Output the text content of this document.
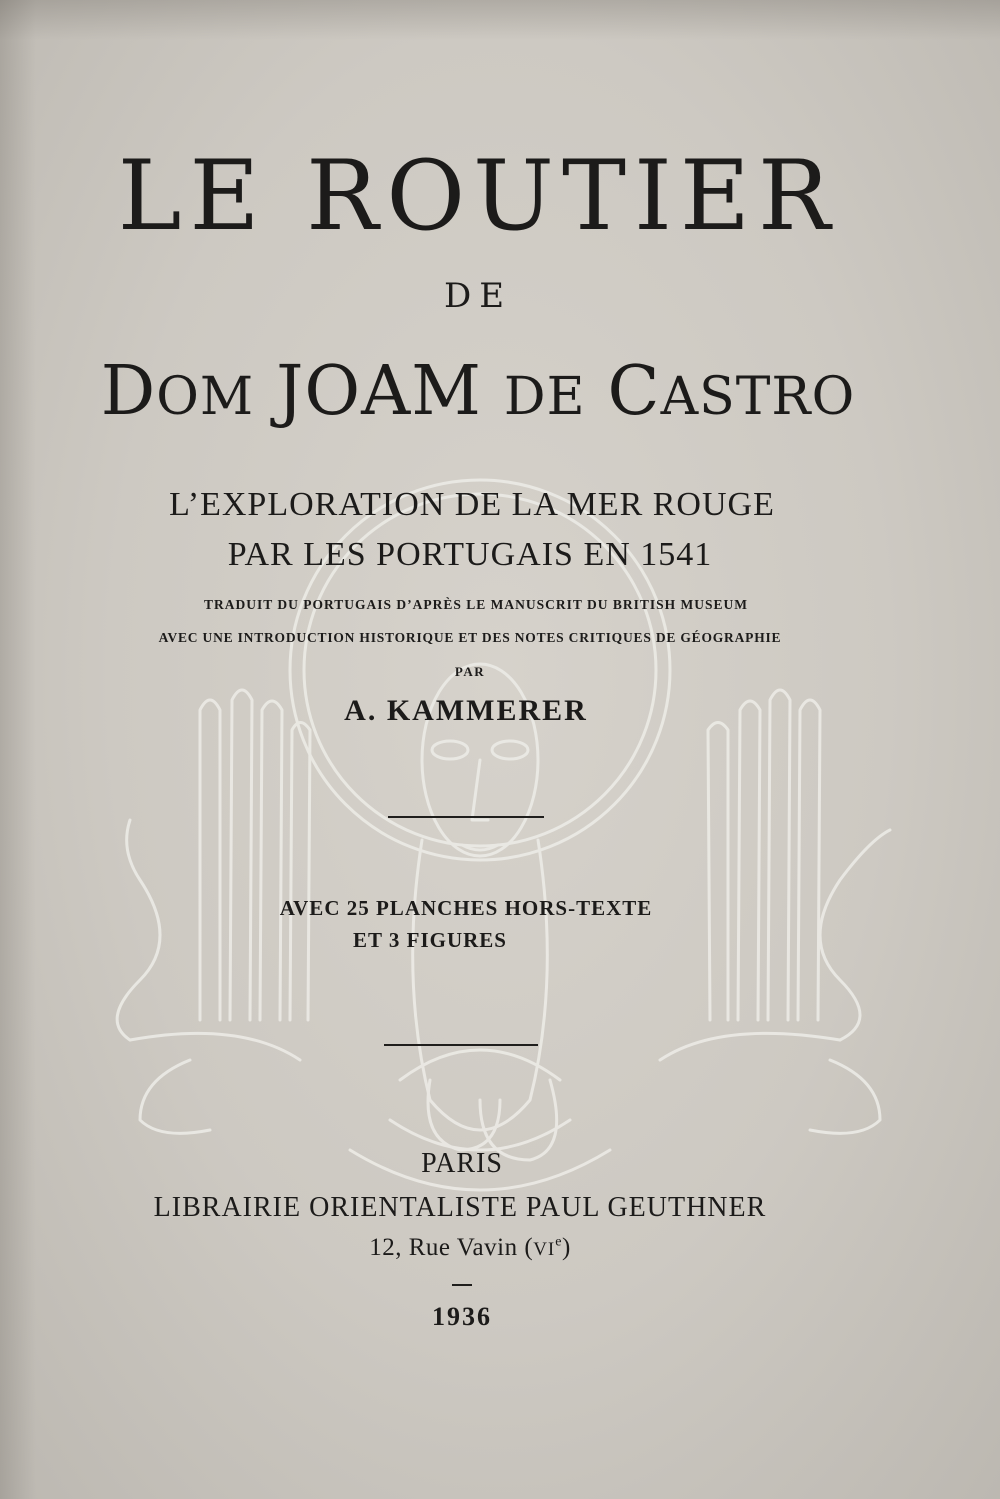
LE ROUTIER
DE
DOM JOAM DE CASTRO
L’EXPLORATION DE LA MER ROUGE
PAR LES PORTUGAIS EN 1541
TRADUIT DU PORTUGAIS D’APRÈS LE MANUSCRIT DU BRITISH MUSEUM
AVEC UNE INTRODUCTION HISTORIQUE ET DES NOTES CRITIQUES DE GÉOGRAPHIE
PAR
A. KAMMERER
AVEC 25 PLANCHES HORS-TEXTE
ET 3 FIGURES
PARIS
LIBRAIRIE ORIENTALISTE PAUL GEUTHNER
12, Rue Vavin (VIe)
1936
